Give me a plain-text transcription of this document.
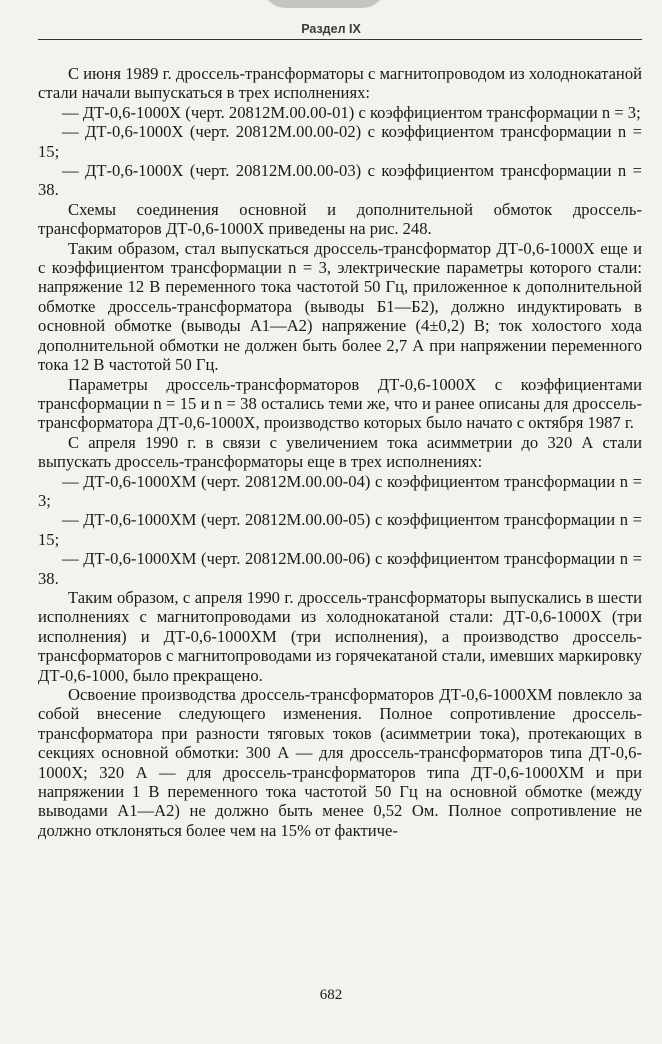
Раздел IX

С июня 1989 г. дроссель-трансформаторы с магнитопроводом из холоднокатаной стали начали выпускаться в трех исполнениях:

— ДТ-0,6-1000Х (черт. 20812М.00.00-01) с коэффициентом трансформации n = 3;

— ДТ-0,6-1000Х (черт. 20812М.00.00-02) с коэффициентом трансформации n = 15;

— ДТ-0,6-1000Х (черт. 20812М.00.00-03) с коэффициентом трансформации n = 38.

Схемы соединения основной и дополнительной обмоток дроссель-трансформаторов ДТ-0,6-1000Х приведены на рис. 248.

Таким образом, стал выпускаться дроссель-трансформатор ДТ-0,6-1000Х еще и с коэффициентом трансформации n = 3, электрические параметры которого стали: напряжение 12 В переменного тока частотой 50 Гц, приложенное к дополнительной обмотке дроссель-трансформатора (выводы Б1—Б2), должно индуктировать в основной обмотке (выводы А1—А2) напряжение (4±0,2) В; ток холостого хода дополнительной обмотки не должен быть более 2,7 А при напряжении переменного тока 12 В частотой 50 Гц.

Параметры дроссель-трансформаторов ДТ-0,6-1000Х с коэффициентами трансформации n = 15 и n = 38 остались теми же, что и ранее описаны для дроссель-трансформатора ДТ-0,6-1000Х, производство которых было начато с октября 1987 г.

С апреля 1990 г. в связи с увеличением тока асимметрии до 320 А стали выпускать дроссель-трансформаторы еще в трех исполнениях:

— ДТ-0,6-1000ХМ (черт. 20812М.00.00-04) с коэффициентом трансформации n = 3;

— ДТ-0,6-1000ХМ (черт. 20812М.00.00-05) с коэффициентом трансформации n = 15;

— ДТ-0,6-1000ХМ (черт. 20812М.00.00-06) с коэффициентом трансформации n = 38.

Таким образом, с апреля 1990 г. дроссель-трансформаторы выпускались в шести исполнениях с магнитопроводами из холоднокатаной стали: ДТ-0,6-1000Х (три исполнения) и ДТ-0,6-1000ХМ (три исполнения), а производство дроссель-трансформаторов с магнитопроводами из горячекатаной стали, имевших маркировку ДТ-0,6-1000, было прекращено.

Освоение производства дроссель-трансформаторов ДТ-0,6-1000ХМ повлекло за собой внесение следующего изменения. Полное сопротивление дроссель-трансформатора при разности тяговых токов (асимметрии тока), протекающих в секциях основной обмотки: 300 А — для дроссель-трансформаторов типа ДТ-0,6-1000Х; 320 А — для дроссель-трансформаторов типа ДТ-0,6-1000ХМ и при напряжении 1 В переменного тока частотой 50 Гц на основной обмотке (между выводами А1—А2) не должно быть менее 0,52 Ом. Полное сопротивление не должно отклоняться более чем на 15% от фактиче-

682
